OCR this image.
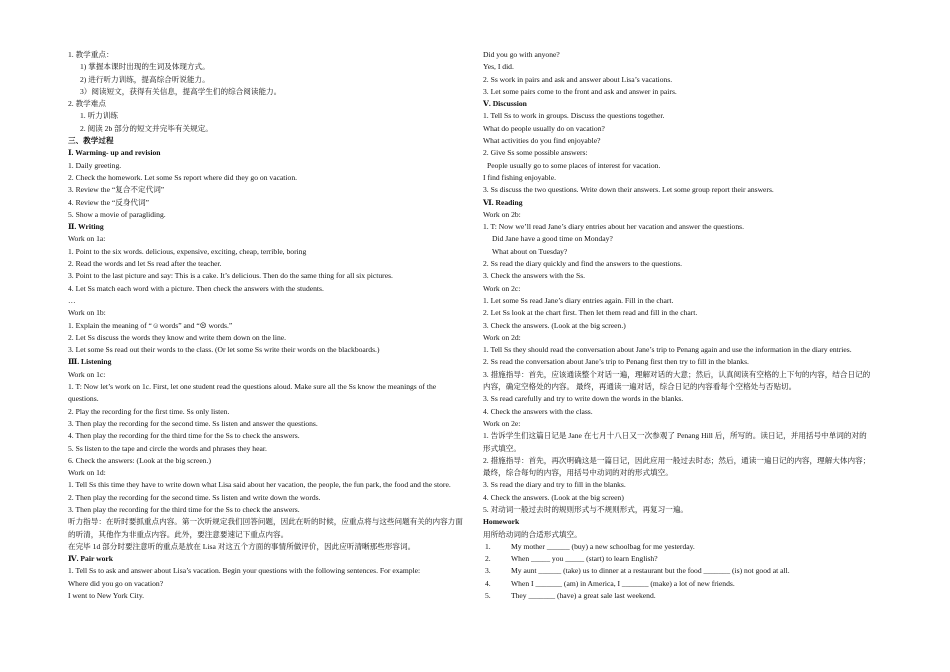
1. 教学重点：
1) 掌握本课时出现的生词及体现方式。
2) 进行听力训练，提高综合听说能力。
3）阅读短文，获得有关信息，提高学生们的综合阅读能力。
2. 教学难点
1. 听力训练
2. 阅读 2b 部分的短文并完毕有关规定。
三、教学过程
Ⅰ. Warming- up and revision
1. Daily greeting.
2. Check the homework. Let some Ss report where did they go on vacation.
3. Review the “复合不定代词”
4. Review the “反身代词”
5. Show a movie of paragliding.
Ⅱ. Writing
Work on 1a:
1. Point to the six words. delicious, expensive, exciting, cheap, terrible, boring
2. Read the words and let Ss read after the teacher.
3. Point to the last picture and say: This is a cake. It’s delicious. Then do the same thing for all six pictures.
4. Let Ss match each word with a picture. Then check the answers with the students.
…
Work on 1b:
1. Explain the meaning of “☺words” and “☹ words.”
2. Let Ss discuss the words they know and write them down on the line.
3. Let some Ss read out their words to the class. (Or let some Ss write their words on the blackboards.)
Ⅲ. Listening
Work on 1c:
1. T: Now let’s work on 1c. First, let one student read the questions aloud. Make sure all the Ss know the meanings of the questions.
2. Play the recording for the first time. Ss only listen.
3. Then play the recording for the second time. Ss listen and answer the questions.
4. Then play the recording for the third time for the Ss to check the answers.
5. Ss listen to the tape and circle the words and phrases they hear.
6. Check the answers: (Look at the big screen.)
Work on 1d:
1. Tell Ss this time they have to write down what Lisa said about her vacation, the people, the fun park, the food and the store.
2. Then play the recording for the second time. Ss listen and write down the words.
3. Then play the recording for the third time for the Ss to check the answers.
听力指导：在听时要抓重点内容。第一次听规定我们回答问题，因此在听的时候，应重点将与这些问题有关的内容力面的听清，其他作为非重点内容。此外，要注意要速记下重点内容。
在完毕 1d 部分时要注意听的重点是放在 Lisa 对这五个方面的事情所做评价，因此应听清晰那些形容词。
Ⅳ. Pair work
1. Tell Ss to ask and answer about Lisa’s vacation. Begin your questions with the following sentences. For example:
Where did you go on vacation?
I went to New York City.
Did you go with anyone?
Yes, I did.
2. Ss work in pairs and ask and answer about Lisa’s vacations.
3. Let some pairs come to the front and ask and answer in pairs.
Ⅴ. Discussion
1. Tell Ss to work in groups. Discuss the questions together.
What do people usually do on vacation?
What activities do you find enjoyable?
2. Give Ss some possible answers:
People usually go to some places of interest for vacation.
I find fishing enjoyable.
3. Ss discuss the two questions. Write down their answers. Let some group report their answers.
Ⅵ. Reading
Work on 2b:
1. T: Now we’ll read Jane’s diary entries about her vacation and answer the questions.
Did Jane have a good time on Monday?
What about on Tuesday?
2. Ss read the diary quickly and find the answers to the questions.
3. Check the answers with the Ss.
Work on 2c:
1. Let some Ss read Jane’s diary entries again. Fill in the chart.
2. Let Ss look at the chart first. Then let them read and fill in the chart.
3. Check the answers. (Look at the big screen.)
Work on 2d:
1. Tell Ss they should read the conversation about Jane’s trip to Penang again and use the information in the diary entries.
2. Ss read the conversation about Jane’s trip to Penang first then try to fill in the blanks.
3. 措施指导：首先，应该通读整个对话一遍，理解对话的大意；然后，认真阅读有空格的上下句的内容，结合日记的内容，确定空格处的内容。 最终，再通读一遍对话，综合日记的内容看每个空格处与否贴切。
3. Ss read carefully and try to write down the words in the blanks.
4. Check the answers with the class.
Work on 2e:
1. 告诉学生们这篇日记是 Jane 在七月十八日又一次参观了 Penang Hill 后，所写的。读日记，并用括号中单词的对的形式填空。
2. 措施指导：首先，再次明确这是一篇日记，因此应用一般过去时态；然后，通读一遍日记的内容，理解大体内容；最终，综合每句的内容，用括号中动词的对的形式填空。
3. Ss read the diary and try to fill in the blanks.
4. Check the answers. (Look at the big screen)
5. 对动词一般过去时的规则形式与不规则形式，再复习一遍。
Homework
用所给动词的合适形式填空。
1.	My mother ______ (buy) a new schoolbag for me yesterday.
2.	When _____ you _____ (start) to learn English?
3.	My aunt ______ (take) us to dinner at a restaurant but the food _______ (is) not good at all.
4.	When I _______ (am) in America, I _______ (make) a lot of new friends.
5.	They _______ (have) a great sale last weekend.
